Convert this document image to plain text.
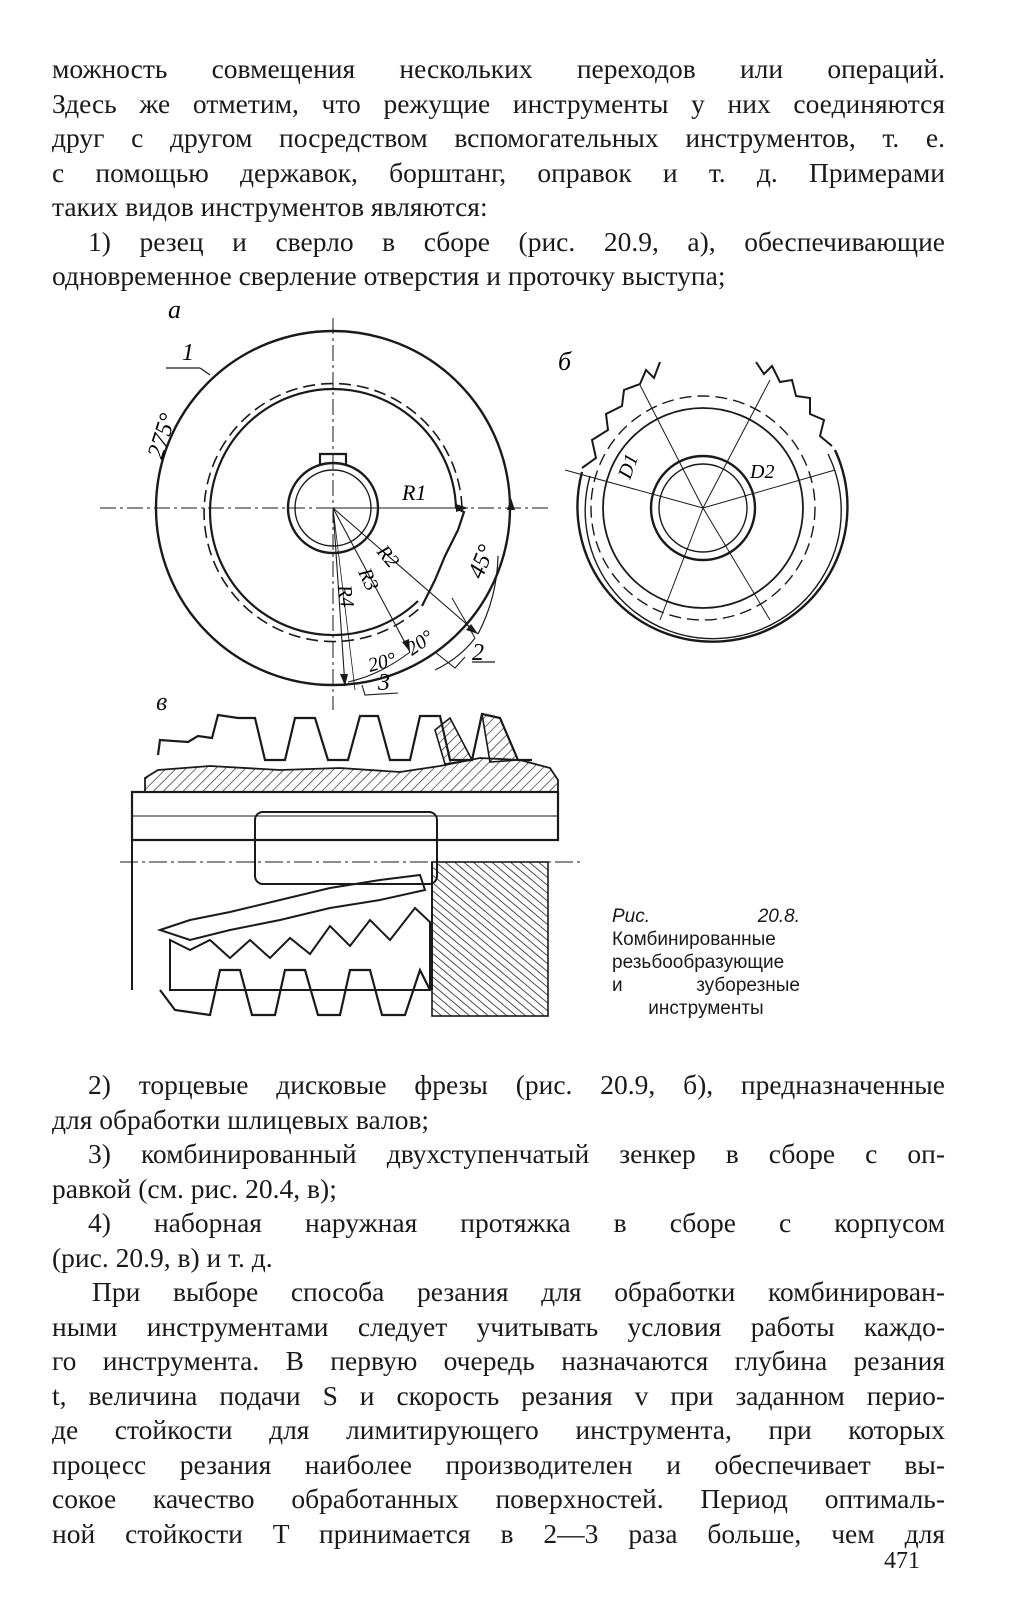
можность совмещения нескольких переходов или операций.
Здесь же отметим, что режущие инструменты у них соединяются
друг с другом посредством вспомогательных инструментов, т. е.
с помощью державок, борштанг, оправок и т. д. Примерами
таких видов инструментов являются:
1) резец и сверло в сборе (рис. 20.9, а), обеспечивающие
одновременное сверление отверстия и проточку выступа;
а
1
275°
45°
R1
R2
R3
R4
20°
20° 2
3
б
D1	D2
в
Рис. 20.8. Комбинированные резьбообразующие и зуборезные инструменты
2) торцевые дисковые фрезы (рис. 20.9, б), предназначенные
для обработки шлицевых валов;
3) комбинированный двухступенчатый зенкер в сборе с оп-
равкой (см. рис. 20.4, в);
4) наборная наружная протяжка в сборе с корпусом
(рис. 20.9, в) и т. д.
При выборе способа резания для обработки комбинирован-
ными инструментами следует учитывать условия работы каждо-
го инструмента. В первую очередь назначаются глубина резания
t, величина подачи S и скорость резания v при заданном перио-
де стойкости для лимитирующего инструмента, при которых
процесс резания наиболее производителен и обеспечивает вы-
сокое качество обработанных поверхностей. Период оптималь-
ной стойкости T принимается в 2—3 раза больше, чем для
471
